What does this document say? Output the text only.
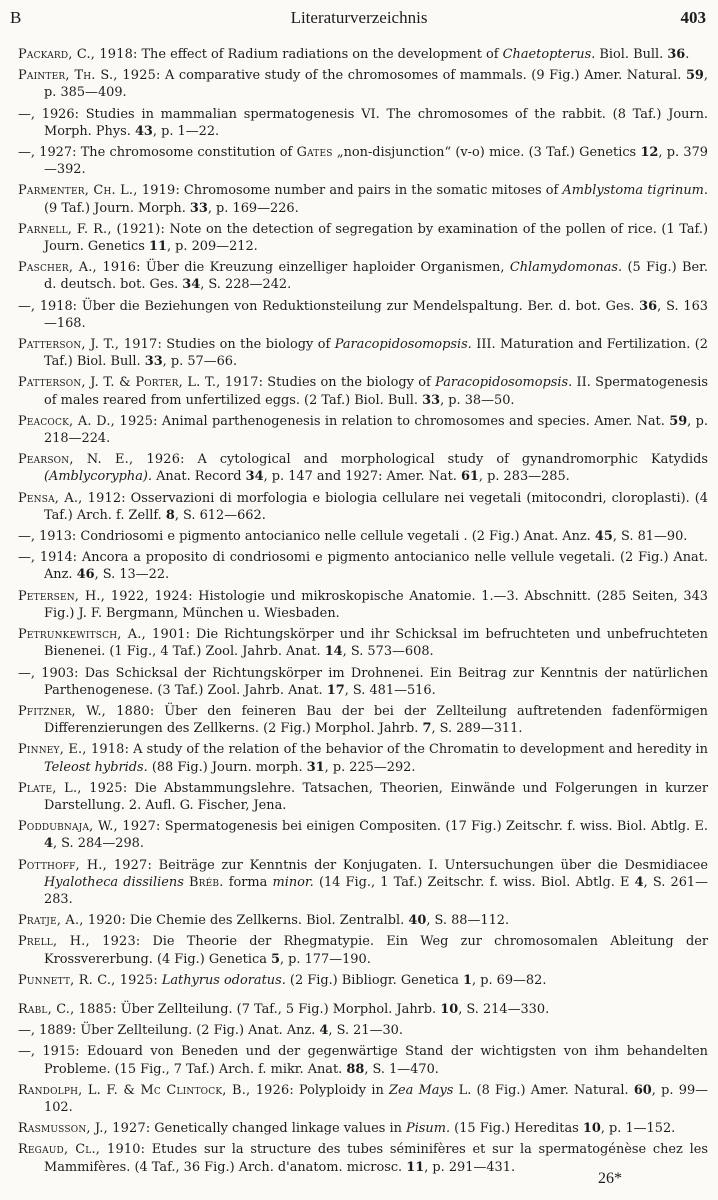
B	Literaturverzeichnis	403

Packard, C., 1918: The effect of Radium radiations on the development of Chaetopterus. Biol. Bull. 36.

Painter, Th. S., 1925: A comparative study of the chromosomes of mammals. (9 Fig.) Amer. Natural. 59, p. 385—409.

—, 1926: Studies in mammalian spermatogenesis VI. The chromosomes of the rabbit. (8 Taf.) Journ. Morph. Phys. 43, p. 1—22.

—, 1927: The chromosome constitution of Gates „non-disjunction“ (v-o) mice. (3 Taf.) Genetics 12, p. 379—392.

Parmenter, Ch. L., 1919: Chromosome number and pairs in the somatic mitoses of Amblystoma tigrinum. (9 Taf.) Journ. Morph. 33, p. 169—226.

Parnell, F. R., (1921): Note on the detection of segregation by examination of the pollen of rice. (1 Taf.) Journ. Genetics 11, p. 209—212.

Pascher, A., 1916: Über die Kreuzung einzelliger haploider Organismen, Chlamydomonas. (5 Fig.) Ber. d. deutsch. bot. Ges. 34, S. 228—242.

—, 1918: Über die Beziehungen von Reduktionsteilung zur Mendelspaltung. Ber. d. bot. Ges. 36, S. 163—168.

Patterson, J. T., 1917: Studies on the biology of Paracopidosomopsis. III. Maturation and Fertilization. (2 Taf.) Biol. Bull. 33, p. 57—66.

Patterson, J. T. & Porter, L. T., 1917: Studies on the biology of Paracopidosomopsis. II. Spermatogenesis of males reared from unfertilized eggs. (2 Taf.) Biol. Bull. 33, p. 38—50.

Peacock, A. D., 1925: Animal parthenogenesis in relation to chromosomes and species. Amer. Nat. 59, p. 218—224.

Pearson, N. E., 1926: A cytological and morphological study of gynandromorphic Katydids (Amblycorypha). Anat. Record 34, p. 147 and 1927: Amer. Nat. 61, p. 283—285.

Pensa, A., 1912: Osservazioni di morfologia e biologia cellulare nei vegetali (mitocondri, cloroplasti). (4 Taf.) Arch. f. Zellf. 8, S. 612—662.

—, 1913: Condriosomi e pigmento antocianico nelle cellule vegetali . (2 Fig.) Anat. Anz. 45, S. 81—90.

—, 1914: Ancora a proposito di condriosomi e pigmento antocianico nelle vellule vegetali. (2 Fig.) Anat. Anz. 46, S. 13—22.

Petersen, H., 1922, 1924: Histologie und mikroskopische Anatomie. 1.—3. Abschnitt. (285 Seiten, 343 Fig.) J. F. Bergmann, München u. Wiesbaden.

Petrunkewitsch, A., 1901: Die Richtungskörper und ihr Schicksal im befruchteten und unbefruchteten Bienenei. (1 Fig., 4 Taf.) Zool. Jahrb. Anat. 14, S. 573—608.

—, 1903: Das Schicksal der Richtungskörper im Drohnenei. Ein Beitrag zur Kenntnis der natürlichen Parthenogenese. (3 Taf.) Zool. Jahrb. Anat. 17, S. 481—516.

Pfitzner, W., 1880: Über den feineren Bau der bei der Zellteilung auftretenden fadenförmigen Differenzierungen des Zellkerns. (2 Fig.) Morphol. Jahrb. 7, S. 289—311.

Pinney, E., 1918: A study of the relation of the behavior of the Chromatin to development and heredity in Teleost hybrids. (88 Fig.) Journ. morph. 31, p. 225—292.

Plate, L., 1925: Die Abstammungslehre. Tatsachen, Theorien, Einwände und Folgerungen in kurzer Darstellung. 2. Aufl. G. Fischer, Jena.

Poddubnaja, W., 1927: Spermatogenesis bei einigen Compositen. (17 Fig.) Zeitschr. f. wiss. Biol. Abtlg. E. 4, S. 284—298.

Potthoff, H., 1927: Beiträge zur Kenntnis der Konjugaten. I. Untersuchungen über die Desmidiacee Hyalotheca dissiliens Bréb. forma minor. (14 Fig., 1 Taf.) Zeitschr. f. wiss. Biol. Abtlg. E 4, S. 261—283.

Pratje, A., 1920: Die Chemie des Zellkerns. Biol. Zentralbl. 40, S. 88—112.

Prell, H., 1923: Die Theorie der Rhegmatypie. Ein Weg zur chromosomalen Ableitung der Krossvererbung. (4 Fig.) Genetica 5, p. 177—190.

Punnett, R. C., 1925: Lathyrus odoratus. (2 Fig.) Bibliogr. Genetica 1, p. 69—82.

Rabl, C., 1885: Über Zellteilung. (7 Taf., 5 Fig.) Morphol. Jahrb. 10, S. 214—330.

—, 1889: Über Zellteilung. (2 Fig.) Anat. Anz. 4, S. 21—30.

—, 1915: Edouard von Beneden und der gegenwärtige Stand der wichtigsten von ihm behandelten Probleme. (15 Fig., 7 Taf.) Arch. f. mikr. Anat. 88, S. 1—470.

Randolph, L. F. & Mc Clintock, B., 1926: Polyploidy in Zea Mays L. (8 Fig.) Amer. Natural. 60, p. 99—102.

Rasmusson, J., 1927: Genetically changed linkage values in Pisum. (15 Fig.) Hereditas 10, p. 1—152.

Regaud, Cl., 1910: Etudes sur la structure des tubes séminifères et sur la spermatogénèse chez les Mammifères. (4 Taf., 36 Fig.) Arch. d'anatom. microsc. 11, p. 291—431.

26*
